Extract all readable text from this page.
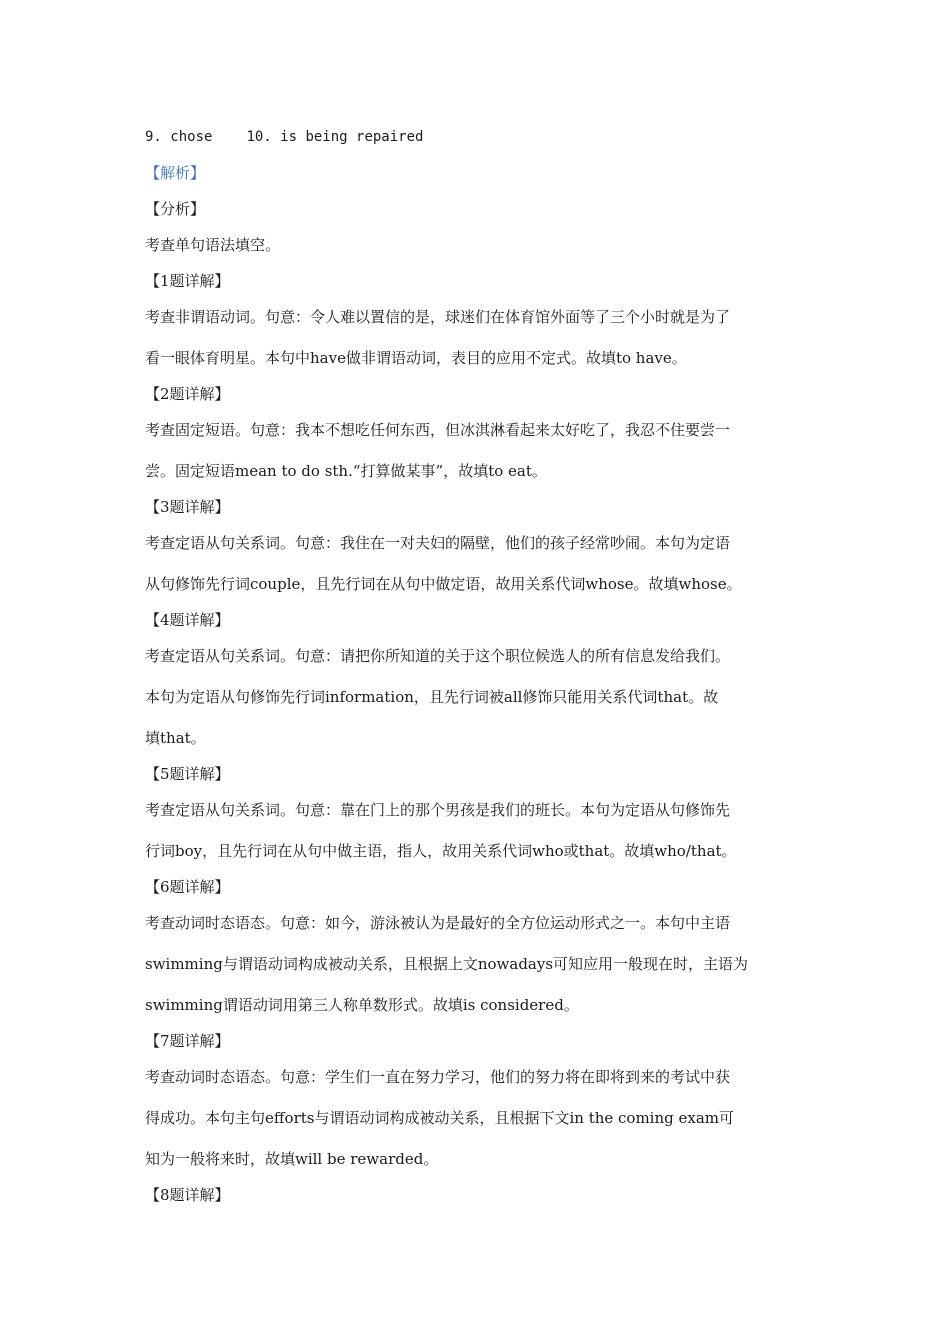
9. chose 10. is being repaired
【解析】
【分析】
考查单句语法填空。
【1题详解】
考查非谓语动词。句意：令人难以置信的是，球迷们在体育馆外面等了三个小时就是为了
看一眼体育明星。本句中have做非谓语动词，表目的应用不定式。故填to have。
【2题详解】
考查固定短语。句意：我本不想吃任何东西，但冰淇淋看起来太好吃了，我忍不住要尝一
尝。固定短语mean to do sth.“打算做某事”，故填to eat。
【3题详解】
考查定语从句关系词。句意：我住在一对夫妇的隔壁，他们的孩子经常吵闹。本句为定语
从句修饰先行词couple，且先行词在从句中做定语，故用关系代词whose。故填whose。
【4题详解】
考查定语从句关系词。句意：请把你所知道的关于这个职位候选人的所有信息发给我们。
本句为定语从句修饰先行词information，且先行词被all修饰只能用关系代词that。故
填that。
【5题详解】
考查定语从句关系词。句意：靠在门上的那个男孩是我们的班长。本句为定语从句修饰先
行词boy，且先行词在从句中做主语，指人，故用关系代词who或that。故填who/that。
【6题详解】
考查动词时态语态。句意：如今，游泳被认为是最好的全方位运动形式之一。本句中主语
swimming与谓语动词构成被动关系，且根据上文nowadays可知应用一般现在时，主语为
swimming谓语动词用第三人称单数形式。故填is considered。
【7题详解】
考查动词时态语态。句意：学生们一直在努力学习，他们的努力将在即将到来的考试中获
得成功。本句主句efforts与谓语动词构成被动关系，且根据下文in the coming exam可
知为一般将来时，故填will be rewarded。
【8题详解】
